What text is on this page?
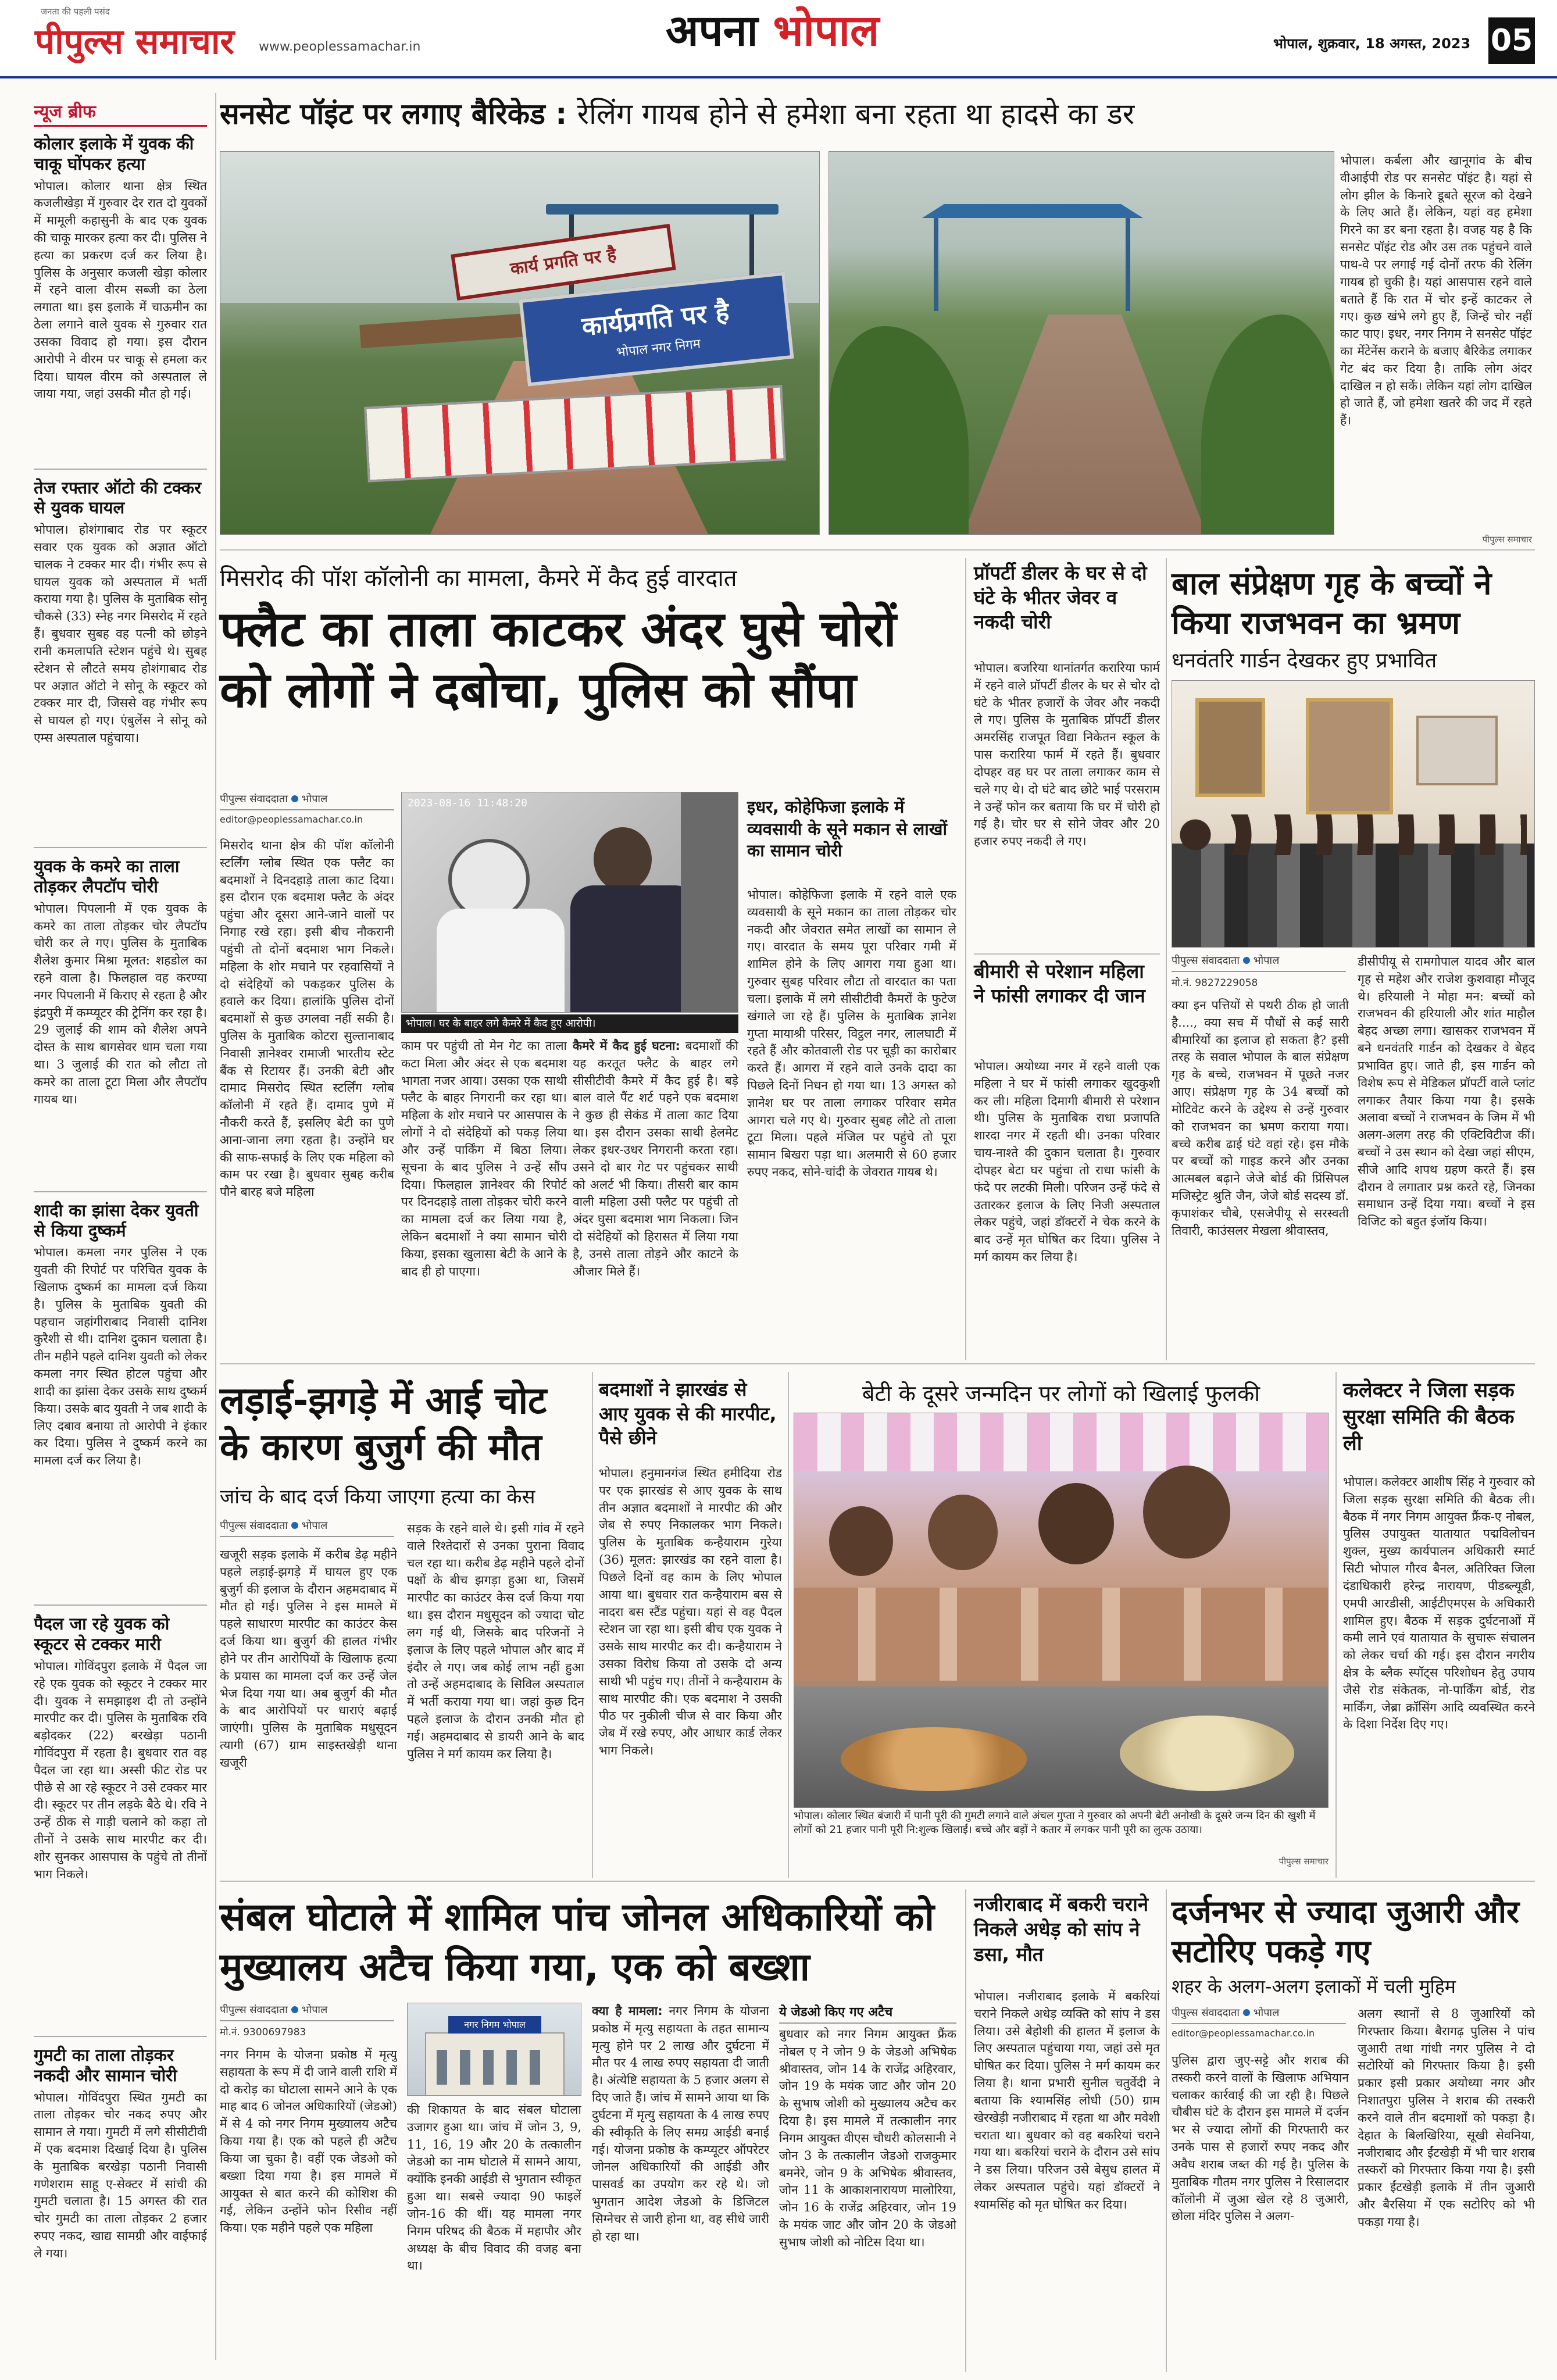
जनता की पहली पसंद
पीपुल्स समाचार www.peoplessamachar.in	अपना भोपाल	भोपाल, शुक्रवार, 18 अगस्त, 2023 05
न्यूज ब्रीफ
कोलार इलाके में युवक की चाकू घोंपकर हत्या
भोपाल। कोलार थाना क्षेत्र स्थित कजलीखेड़ा में गुरुवार देर रात दो युवकों में मामूली कहासुनी के बाद एक युवक की चाकू मारकर हत्या कर दी। पुलिस ने हत्या का प्रकरण दर्ज कर लिया है। पुलिस के अनुसार कजली खेड़ा कोलार में रहने वाला वीरम सब्जी का ठेला लगाता था। इस इलाके में चाऊमीन का ठेला लगाने वाले युवक से गुरुवार रात उसका विवाद हो गया। इस दौरान आरोपी ने वीरम पर चाकू से हमला कर दिया। घायल वीरम को अस्पताल ले जाया गया, जहां उसकी मौत हो गई।
तेज रफ्तार ऑटो की टक्कर से युवक घायल
भोपाल। होशंगाबाद रोड पर स्कूटर सवार एक युवक को अज्ञात ऑटो चालक ने टक्कर मार दी। गंभीर रूप से घायल युवक को अस्पताल में भर्ती कराया गया है। पुलिस के मुताबिक सोनू चौकसे (33) स्नेह नगर मिसरोद में रहते हैं। बुधवार सुबह वह पत्नी को छोड़ने रानी कमलापति स्टेशन पहुंचे थे। सुबह स्टेशन से लौटते समय होशंगाबाद रोड पर अज्ञात ऑटो ने सोनू के स्कूटर को टक्कर मार दी, जिससे वह गंभीर रूप से घायल हो गए। एंबुलेंस ने सोनू को एम्स अस्पताल पहुंचाया।
युवक के कमरे का ताला तोड़कर लैपटॉप चोरी
भोपाल। पिपलानी में एक युवक के कमरे का ताला तोड़कर चोर लैपटॉप चोरी कर ले गए। पुलिस के मुताबिक शैलेश कुमार मिश्रा मूलत: शहडोल का रहने वाला है। फिलहाल वह करण्या नगर पिपलानी में किराए से रहता है और इंद्रपुरी में कम्प्यूटर की ट्रेनिंग कर रहा है। 29 जुलाई की शाम को शैलेश अपने दोस्त के साथ बागसेवर धाम चला गया था। 3 जुलाई की रात को लौटा तो कमरे का ताला टूटा मिला और लैपटॉप गायब था।
शादी का झांसा देकर युवती से किया दुष्कर्म
भोपाल। कमला नगर पुलिस ने एक युवती की रिपोर्ट पर परिचित युवक के खिलाफ दुष्कर्म का मामला दर्ज किया है। पुलिस के मुताबिक युवती की पहचान जहांगीराबाद निवासी दानिश कुरैशी से थी। दानिश दुकान चलाता है। तीन महीने पहले दानिश युवती को लेकर कमला नगर स्थित होटल पहुंचा और शादी का झांसा देकर उसके साथ दुष्कर्म किया। उसके बाद युवती ने जब शादी के लिए दबाव बनाया तो आरोपी ने इंकार कर दिया। पुलिस ने दुष्कर्म करने का मामला दर्ज कर लिया है।
पैदल जा रहे युवक को स्कूटर से टक्कर मारी
भोपाल। गोविंदपुरा इलाके में पैदल जा रहे एक युवक को स्कूटर ने टक्कर मार दी। युवक ने समझाइश दी तो उन्होंने मारपीट कर दी। पुलिस के मुताबिक रवि बड़ोदकर (22) बरखेड़ा पठानी गोविंदपुरा में रहता है। बुधवार रात वह पैदल जा रहा था। अस्सी फीट रोड पर पीछे से आ रहे स्कूटर ने उसे टक्कर मार दी। स्कूटर पर तीन लड़के बैठे थे। रवि ने उन्हें ठीक से गाड़ी चलाने को कहा तो तीनों ने उसके साथ मारपीट कर दी। शोर सुनकर आसपास के पहुंचे तो तीनों भाग निकले।
गुमटी का ताला तोड़कर नकदी और सामान चोरी
भोपाल। गोविंदपुरा स्थित गुमटी का ताला तोड़कर चोर नकद रुपए और सामान ले गया। गुमटी में लगे सीसीटीवी में एक बदमाश दिखाई दिया है। पुलिस के मुताबिक बरखेड़ा पठानी निवासी गणेशराम साहू ए-सेक्टर में सांची की गुमटी चलाता है। 15 अगस्त की रात चोर गुमटी का ताला तोड़कर 2 हजार रुपए नकद, खाद्य सामग्री और वाईफाई ले गया।
सनसेट पॉइंट पर लगाए बैरिकेड : रेलिंग गायब होने से हमेशा बना रहता था हादसे का डर
कार्य प्रगति पर है
कार्यप्रगति पर है
भोपाल नगर निगम
भोपाल। कर्बला और खानूगांव के बीच वीआईपी रोड पर सनसेट पॉइंट है। यहां से लोग झील के किनारे डूबते सूरज को देखने के लिए आते हैं। लेकिन, यहां वह हमेशा गिरने का डर बना रहता है। वजह यह है कि सनसेट पॉइंट रोड और उस तक पहुंचने वाले पाथ-वे पर लगाई गई दोनों तरफ की रेलिंग गायब हो चुकी है। यहां आसपास रहने वाले बताते हैं कि रात में चोर इन्हें काटकर ले गए। कुछ खंभे लगे हुए हैं, जिन्हें चोर नहीं काट पाए। इधर, नगर निगम ने सनसेट पॉइंट का मेंटेनेंस कराने के बजाए बैरिकेड लगाकर गेट बंद कर दिया है। ताकि लोग अंदर दाखिल न हो सकें। लेकिन यहां लोग दाखिल हो जाते हैं, जो हमेशा खतरे की जद में रहते हैं।
पीपुल्स समाचार
मिसरोद की पॉश कॉलोनी का मामला, कैमरे में कैद हुई वारदात
फ्लैट का ताला काटकर अंदर घुसे चोरों को लोगों ने दबोचा, पुलिस को सौंपा
पीपुल्स संवाददाता भोपाल
editor@peoplessamachar.co.in
मिसरोद थाना क्षेत्र की पॉश कॉलोनी स्टर्लिंग ग्लोब स्थित एक फ्लैट का बदमाशों ने दिनदहाड़े ताला काट दिया। इस दौरान एक बदमाश फ्लैट के अंदर पहुंचा और दूसरा आने-जाने वालों पर निगाह रखे रहा। इसी बीच नौकरानी पहुंची तो दोनों बदमाश भाग निकले। महिला के शोर मचाने पर रहवासियों ने दो संदेहियों को पकड़कर पुलिस के हवाले कर दिया। हालांकि पुलिस दोनों बदमाशों से कुछ उगलवा नहीं सकी है। पुलिस के मुताबिक कोटरा सुल्तानाबाद निवासी ज्ञानेश्वर रामाजी भारतीय स्टेट बैंक से रिटायर हैं। उनकी बेटी और दामाद मिसरोद स्थित स्टर्लिंग ग्लोब कॉलोनी में रहते हैं। दामाद पुणे में नौकरी करते हैं, इसलिए बेटी का पुणे आना-जाना लगा रहता है। उन्होंने घर की साफ-सफाई के लिए एक महिला को काम पर रखा है। बुधवार सुबह करीब पौने बारह बजे महिला
2023-08-16 11:48:20
भोपाल। घर के बाहर लगे कैमरे में कैद हुए आरोपी।
काम पर पहुंची तो मेन गेट का ताला कटा मिला और अंदर से एक बदमाश भागता नजर आया। उसका एक साथी फ्लैट के बाहर निगरानी कर रहा था। महिला के शोर मचाने पर आसपास के लोगों ने दो संदेहियों को पकड़ लिया और उन्हें पार्किंग में बिठा लिया। सूचना के बाद पुलिस ने उन्हें सौंप दिया। फिलहाल ज्ञानेश्वर की रिपोर्ट पर दिनदहाड़े ताला तोड़कर चोरी करने का मामला दर्ज कर लिया गया है, लेकिन बदमाशों ने क्या सामान चोरी किया, इसका खुलासा बेटी के आने के बाद ही हो पाएगा।
कैमरे में कैद हुई घटना: बदमाशों की यह करतूत फ्लैट के बाहर लगे सीसीटीवी कैमरे में कैद हुई है। बड़े बाल वाले पैंट शर्ट पहने एक बदमाश ने कुछ ही सेकंड में ताला काट दिया था। इस दौरान उसका साथी हेलमेट लेकर इधर-उधर निगरानी करता रहा। उसने दो बार गेट पर पहुंचकर साथी को अलर्ट भी किया। तीसरी बार काम वाली महिला उसी फ्लैट पर पहुंची तो अंदर घुसा बदमाश भाग निकला। जिन दो संदेहियों को हिरासत में लिया गया है, उनसे ताला तोड़ने और काटने के औजार मिले हैं।
इधर, कोहेफिजा इलाके में व्यवसायी के सूने मकान से लाखों का सामान चोरी
भोपाल। कोहेफिजा इलाके में रहने वाले एक व्यवसायी के सूने मकान का ताला तोड़कर चोर नकदी और जेवरात समेत लाखों का सामान ले गए। वारदात के समय पूरा परिवार गमी में शामिल होने के लिए आगरा गया हुआ था। गुरुवार सुबह परिवार लौटा तो वारदात का पता चला। इलाके में लगे सीसीटीवी कैमरों के फुटेज खंगाले जा रहे हैं। पुलिस के मुताबिक ज्ञानेश गुप्ता मायाश्री परिसर, विट्ठल नगर, लालघाटी में रहते हैं और कोतवाली रोड पर चूड़ी का कारोबार करते हैं। आगरा में रहने वाले उनके दादा का पिछले दिनों निधन हो गया था। 13 अगस्त को ज्ञानेश घर पर ताला लगाकर परिवार समेत आगरा चले गए थे। गुरुवार सुबह लौटे तो ताला टूटा मिला। पहले मंजिल पर पहुंचे तो पूरा सामान बिखरा पड़ा था। अलमारी से 60 हजार रुपए नकद, सोने-चांदी के जेवरात गायब थे।
प्रॉपर्टी डीलर के घर से दो घंटे के भीतर जेवर व नकदी चोरी
भोपाल। बजरिया थानांतर्गत करारिया फार्म में रहने वाले प्रॉपर्टी डीलर के घर से चोर दो घंटे के भीतर हजारों के जेवर और नकदी ले गए। पुलिस के मुताबिक प्रॉपर्टी डीलर अमरसिंह राजपूत विद्या निकेतन स्कूल के पास करारिया फार्म में रहते हैं। बुधवार दोपहर वह घर पर ताला लगाकर काम से चले गए थे। दो घंटे बाद छोटे भाई परसराम ने उन्हें फोन कर बताया कि घर में चोरी हो गई है। चोर घर से सोने जेवर और 20 हजार रुपए नकदी ले गए।
बीमारी से परेशान महिला ने फांसी लगाकर दी जान
भोपाल। अयोध्या नगर में रहने वाली एक महिला ने घर में फांसी लगाकर खुदकुशी कर ली। महिला दिमागी बीमारी से परेशान थी। पुलिस के मुताबिक राधा प्रजापति शारदा नगर में रहती थी। उनका परिवार चाय-नाश्ते की दुकान चलाता है। गुरुवार दोपहर बेटा घर पहुंचा तो राधा फांसी के फंदे पर लटकी मिली। परिजन उन्हें फंदे से उतारकर इलाज के लिए निजी अस्पताल लेकर पहुंचे, जहां डॉक्टरों ने चेक करने के बाद उन्हें मृत घोषित कर दिया। पुलिस ने मर्ग कायम कर लिया है।
बाल संप्रेक्षण गृह के बच्चों ने किया राजभवन का भ्रमण
धनवंतरि गार्डन देखकर हुए प्रभावित
पीपुल्स संवाददाता भोपाल
मो.नं. 9827229058
क्या इन पत्तियों से पथरी ठीक हो जाती है...., क्या सच में पौधों से कई सारी बीमारियों का इलाज हो सकता है? इसी तरह के सवाल भोपाल के बाल संप्रेक्षण गृह के बच्चे, राजभवन में पूछते नजर आए। संप्रेक्षण गृह के 34 बच्चों को मोटिवेट करने के उद्देश्य से उन्हें गुरुवार को राजभवन का भ्रमण कराया गया। बच्चे करीब ढाई घंटे वहां रहे। इस मौके पर बच्चों को गाइड करने और उनका आत्मबल बढ़ाने जेजे बोर्ड की प्रिंसिपल मजिस्ट्रेट श्रुति जैन, जेजे बोर्ड सदस्य डॉ. कृपाशंकर चौबे, एसजेपीयू से सरस्वती तिवारी, काउंसलर मेखला श्रीवास्तव,
डीसीपीयू से रामगोपाल यादव और बाल गृह से महेश और राजेश कुशवाहा मौजूद थे। हरियाली ने मोहा मन: बच्चों को राजभवन की हरियाली और शांत माहौल बेहद अच्छा लगा। खासकर राजभवन में बने धनवंतरि गार्डन को देखकर वे बेहद प्रभावित हुए। जाते ही, इस गार्डन को विशेष रूप से मेडिकल प्रॉपर्टी वाले प्लांट लगाकर तैयार किया गया है। इसके अलावा बच्चों ने राजभवन के जिम में भी अलग-अलग तरह की एक्टिविटीज कीं। बच्चों ने उस स्थान को देखा जहां सीएम, सीजे आदि शपथ ग्रहण करते हैं। इस दौरान वे लगातार प्रश्न करते रहे, जिनका समाधान उन्हें दिया गया। बच्चों ने इस विजिट को बहुत इंजॉय किया।
लड़ाई-झगड़े में आई चोट के कारण बुजुर्ग की मौत
जांच के बाद दर्ज किया जाएगा हत्या का केस
पीपुल्स संवाददाता भोपाल
खजूरी सड़क इलाके में करीब डेढ़ महीने पहले लड़ाई-झगड़े में घायल हुए एक बुजुर्ग की इलाज के दौरान अहमदाबाद में मौत हो गई। पुलिस ने इस मामले में पहले साधारण मारपीट का काउंटर केस दर्ज किया था। बुजुर्ग की हालत गंभीर होने पर तीन आरोपियों के खिलाफ हत्या के प्रयास का मामला दर्ज कर उन्हें जेल भेज दिया गया था। अब बुजुर्ग की मौत के बाद आरोपियों पर धाराएं बढ़ाई जाएंगी। पुलिस के मुताबिक मधुसूदन त्यागी (67) ग्राम साइस्तखेड़ी थाना खजूरी
सड़क के रहने वाले थे। इसी गांव में रहने वाले रिश्तेदारों से उनका पुराना विवाद चल रहा था। करीब डेढ़ महीने पहले दोनों पक्षों के बीच झगड़ा हुआ था, जिसमें मारपीट का काउंटर केस दर्ज किया गया था। इस दौरान मधुसूदन को ज्यादा चोट लग गई थी, जिसके बाद परिजनों ने इलाज के लिए पहले भोपाल और बाद में इंदौर ले गए। जब कोई लाभ नहीं हुआ तो उन्हें अहमदाबाद के सिविल अस्पताल में भर्ती कराया गया था। जहां कुछ दिन पहले इलाज के दौरान उनकी मौत हो गई। अहमदाबाद से डायरी आने के बाद पुलिस ने मर्ग कायम कर लिया है।
बदमाशों ने झारखंड से आए युवक से की मारपीट, पैसे छीने
भोपाल। हनुमानगंज स्थित हमीदिया रोड पर एक झारखंड से आए युवक के साथ तीन अज्ञात बदमाशों ने मारपीट की और जेब से रुपए निकालकर भाग निकले। पुलिस के मुताबिक कन्हैयाराम गुरेया (36) मूलत: झारखंड का रहने वाला है। पिछले दिनों वह काम के लिए भोपाल आया था। बुधवार रात कन्हैयाराम बस से नादरा बस स्टैंड पहुंचा। यहां से वह पैदल स्टेशन जा रहा था। इसी बीच एक युवक ने उसके साथ मारपीट कर दी। कन्हैयाराम ने उसका विरोध किया तो उसके दो अन्य साथी भी पहुंच गए। तीनों ने कन्हैयाराम के साथ मारपीट की। एक बदमाश ने उसकी पीठ पर नुकीली चीज से वार किया और जेब में रखे रुपए, और आधार कार्ड लेकर भाग निकले।
बेटी के दूसरे जन्मदिन पर लोगों को खिलाई फुलकी
भोपाल। कोलार स्थित बंजारी में पानी पूरी की गुमटी लगाने वाले अंचल गुप्ता ने गुरुवार को अपनी बेटी अनोखी के दूसरे जन्म दिन की खुशी में लोगों को 21 हजार पानी पूरी नि:शुल्क खिलाईं। बच्चे और बड़ों ने कतार में लगकर पानी पूरी का लुत्फ उठाया।
पीपुल्स समाचार
कलेक्टर ने जिला सड़क सुरक्षा समिति की बैठक ली
भोपाल। कलेक्टर आशीष सिंह ने गुरुवार को जिला सड़क सुरक्षा समिति की बैठक ली। बैठक में नगर निगम आयुक्त फ्रैंक-ए नोबल, पुलिस उपायुक्त यातायात पद्मविलोचन शुक्ल, मुख्य कार्यपालन अधिकारी स्मार्ट सिटी भोपाल गौरव बैनल, अतिरिक्त जिला दंडाधिकारी हरेन्द्र नारायण, पीडब्ल्यूडी, एमपी आरडीसी, आईटीएमएस के अधिकारी शामिल हुए। बैठक में सड़क दुर्घटनाओं में कमी लाने एवं यातायात के सुचारू संचालन को लेकर चर्चा की गई। इस दौरान नगरीय क्षेत्र के ब्लैक स्पॉट्स परिशोधन हेतु उपाय जैसे रोड संकेतक, नो-पार्किंग बोर्ड, रोड मार्किंग, जेब्रा क्रॉसिंग आदि व्यवस्थित करने के दिशा निर्देश दिए गए।
संबल घोटाले में शामिल पांच जोनल अधिकारियों को मुख्यालय अटैच किया गया, एक को बख्शा
पीपुल्स संवाददाता भोपाल
मो.नं. 9300697983
नगर निगम के योजना प्रकोष्ठ में मृत्यु सहायता के रूप में दी जाने वाली राशि में दो करोड़ का घोटाला सामने आने के एक माह बाद 6 जोनल अधिकारियों (जेडओ) में से 4 को नगर निगम मुख्यालय अटैच किया गया है। एक को पहले ही अटैच किया जा चुका है। वहीं एक जेडओ को बख्शा दिया गया है। इस मामले में आयुक्त से बात करने की कोशिश की गई, लेकिन उन्होंने फोन रिसीव नहीं किया। एक महीने पहले एक महिला
नगर निगम भोपाल
की शिकायत के बाद संबल घोटाला उजागर हुआ था। जांच में जोन 3, 9, 11, 16, 19 और 20 के तत्कालीन जेडओ का नाम घोटाले में सामने आया, क्योंकि इनकी आईडी से भुगतान स्वीकृत हुआ था। सबसे ज्यादा 90 फाइलें जोन-16 की थीं। यह मामला नगर निगम परिषद की बैठक में महापौर और अध्यक्ष के बीच विवाद की वजह बना था।
क्या है मामला: नगर निगम के योजना प्रकोष्ठ में मृत्यु सहायता के तहत सामान्य मृत्यु होने पर 2 लाख और दुर्घटना में मौत पर 4 लाख रुपए सहायता दी जाती है। अंत्येष्टि सहायता के 5 हजार अलग से दिए जाते हैं। जांच में सामने आया था कि दुर्घटना में मृत्यु सहायता के 4 लाख रुपए की स्वीकृति के लिए समग्र आईडी बनाई गई। योजना प्रकोष्ठ के कम्प्यूटर ऑपरेटर जोनल अधिकारियों की आईडी और पासवर्ड का उपयोग कर रहे थे। जो भुगतान आदेश जेडओ के डिजिटल सिग्नेचर से जारी होना था, वह सीधे जारी हो रहा था।
ये जेडओ किए गए अटैच
बुधवार को नगर निगम आयुक्त फ्रैंक नोबल ए ने जोन 9 के जेडओ अभिषेक श्रीवास्तव, जोन 14 के राजेंद्र अहिरवार, जोन 19 के मयंक जाट और जोन 20 के सुभाष जोशी को मुख्यालय अटैच कर दिया है। इस मामले में तत्कालीन नगर निगम आयुक्त वीएस चौधरी कोलसानी ने जोन 3 के तत्कालीन जेडओ राजकुमार बमनेरे, जोन 9 के अभिषेक श्रीवास्तव, जोन 11 के आकाशनारायण मालोरिया, जोन 16 के राजेंद्र अहिरवार, जोन 19 के मयंक जाट और जोन 20 के जेडओ सुभाष जोशी को नोटिस दिया था।
नजीराबाद में बकरी चराने निकले अधेड़ को सांप ने डसा, मौत
भोपाल। नजीराबाद इलाके में बकरियां चराने निकले अधेड़ व्यक्ति को सांप ने डस लिया। उसे बेहोशी की हालत में इलाज के लिए अस्पताल पहुंचाया गया, जहां उसे मृत घोषित कर दिया। पुलिस ने मर्ग कायम कर लिया है। थाना प्रभारी सुनील चतुर्वेदी ने बताया कि श्यामसिंह लोधी (50) ग्राम खेरखेड़ी नजीराबाद में रहता था और मवेशी चराता था। बुधवार को वह बकरियां चराने गया था। बकरियां चराने के दौरान उसे सांप ने डस लिया। परिजन उसे बेसुध हालत में लेकर अस्पताल पहुंचे। यहां डॉक्टरों ने श्यामसिंह को मृत घोषित कर दिया।
दर्जनभर से ज्यादा जुआरी और सटोरिए पकड़े गए
शहर के अलग-अलग इलाकों में चली मुहिम
पीपुल्स संवाददाता भोपाल
editor@peoplessamachar.co.in
पुलिस द्वारा जुए-सट्टे और शराब की तस्करी करने वालों के खिलाफ अभियान चलाकर कार्रवाई की जा रही है। पिछले चौबीस घंटे के दौरान इस मामले में दर्जन भर से ज्यादा लोगों की गिरफ्तारी कर उनके पास से हजारों रुपए नकद और अवैध शराब जब्त की गई है। पुलिस के मुताबिक गौतम नगर पुलिस ने रिसालदार कॉलोनी में जुआ खेल रहे 8 जुआरी, छोला मंदिर पुलिस ने अलग-
अलग स्थानों से 8 जुआरियों को गिरफ्तार किया। बैरागढ़ पुलिस ने पांच जुआरी तथा गांधी नगर पुलिस ने दो सटोरियों को गिरफ्तार किया है। इसी प्रकार इसी प्रकार अयोध्या नगर और निशातपुरा पुलिस ने शराब की तस्करी करने वाले तीन बदमाशों को पकड़ा है। देहात के बिलखिरिया, सूखी सेवनिया, नजीराबाद और ईंटखेड़ी में भी चार शराब तस्करों को गिरफ्तार किया गया है। इसी प्रकार ईंटखेड़ी इलाके में तीन जुआरी और बैरसिया में एक सटोरिए को भी पकड़ा गया है।
